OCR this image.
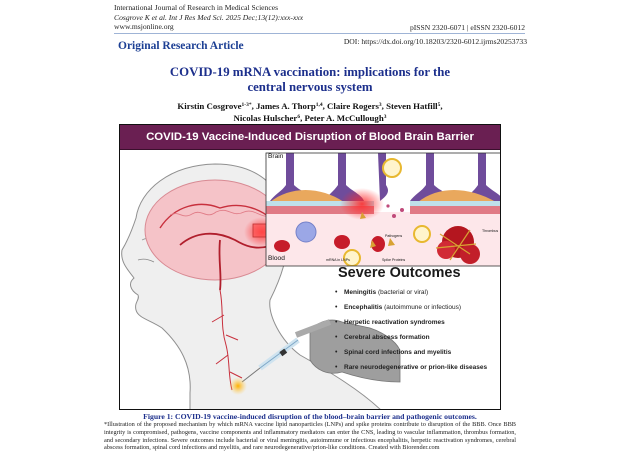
International Journal of Research in Medical Sciences
Cosgrove K et al. Int J Res Med Sci. 2025 Dec;13(12):xxx-xxx
www.msjonline.org	pISSN 2320-6071 | eISSN 2320-6012
Original Research Article	DOI: https://dx.doi.org/10.18203/2320-6012.ijrms20253733
COVID-19 mRNA vaccination: implications for the
central nervous system
Kirstin Cosgrove$^{1-3*}$, James A. Thorp$^{1,4}$, Claire Rogers$^3$, Steven Hatfill$^5$,
Nicolas Hulscher$^6$, Peter A. McCullough$^3$
COVID-19 Vaccine-Induced Disruption of Blood Brain Barrier
Brain
Blood
Pathogens
Thrombus
mRNA in LNPs	Spike Proteins
Severe Outcomes
• Meningitis (bacterial or viral)
• Encephalitis (autoimmune or infectious)
• Herpetic reactivation syndromes
• Cerebral abscess formation
• Spinal cord infections and myelitis
• Rare neurodegenerative or prion-like diseases
Figure 1: COVID-19 vaccine-induced disruption of the blood–brain barrier and pathogenic outcomes.
*Illustration of the proposed mechanism by which mRNA vaccine lipid nanoparticles (LNPs) and spike proteins contribute to disruption of the BBB. Once BBB integrity is compromised, pathogens, vaccine components and inflammatory mediators can enter the CNS, leading to vascular inflammation, thrombus formation, and secondary infections. Severe outcomes include bacterial or viral meningitis, autoimmune or infectious encephalitis, herpetic reactivation syndromes, cerebral abscess formation, spinal cord infections and myelitis, and rare neurodegenerative/prion-like conditions. Created with Biorender.com
